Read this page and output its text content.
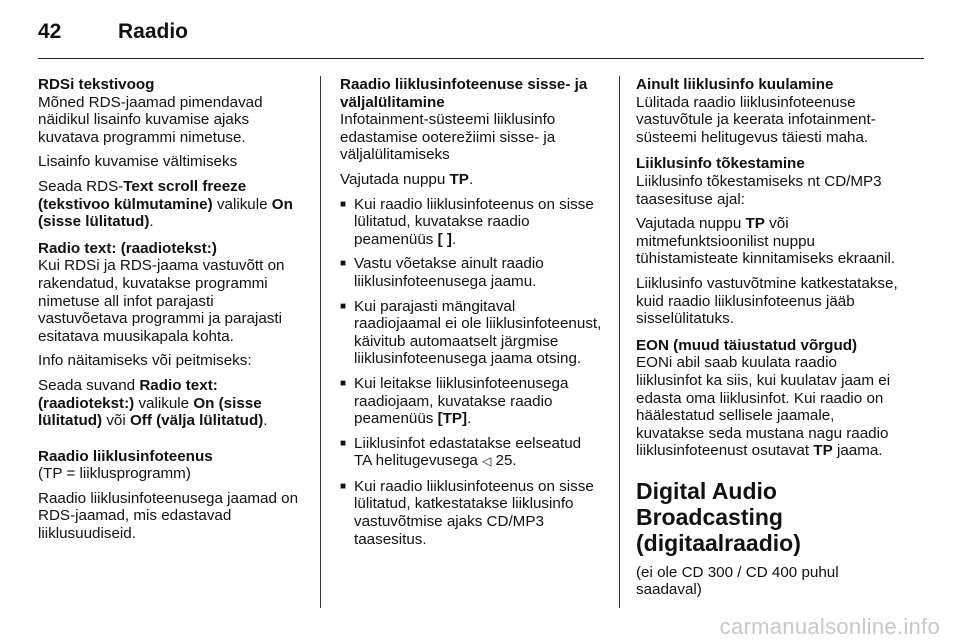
42	Raadio
RDSi tekstivoog

Mõned RDS-jaamad pimendavad näidikul lisainfo kuvamise ajaks kuvatava programmi nimetuse.

Lisainfo kuvamise vältimiseks

Seada RDS-Text scroll freeze (tekstivoo külmutamine) valikule On (sisse lülitatud).

Radio text: (raadiotekst:)

Kui RDSi ja RDS-jaama vastuvõtt on rakendatud, kuvatakse programmi nimetuse all infot parajasti vastuvõetava programmi ja parajasti esitatava muusikapala kohta.

Info näitamiseks või peitmiseks:

Seada suvand Radio text: (raadiotekst:) valikule On (sisse lülitatud) või Off (välja lülitatud).

Raadio liiklusinfoteenus

(TP = liiklusprogramm)

Raadio liiklusinfoteenusega jaamad on RDS-jaamad, mis edastavad liiklusuudiseid.

Raadio liiklusinfoteenuse sisse- ja väljalülitamine

Infotainment-süsteemi liiklusinfo edastamise ooterežiimi sisse- ja väljalülitamiseks

Vajutada nuppu TP.

■ Kui raadio liiklusinfoteenus on sisse lülitatud, kuvatakse raadio peamenüüs [ ].
■ Vastu võetakse ainult raadio liiklusinfoteenusega jaamu.
■ Kui parajasti mängitaval raadiojaamal ei ole liiklusinfoteenust, käivitub automaatselt järgmise liiklusinfoteenusega jaama otsing.
■ Kui leitakse liiklusinfoteenusega raadiojaam, kuvatakse raadio peamenüüs [TP].
■ Liiklusinfot edastatakse eelseatud TA helitugevusega ◁ 25.
■ Kui raadio liiklusinfoteenus on sisse lülitatud, katkestatakse liiklusinfo vastuvõtmise ajaks CD/MP3 taasesitus.
Ainult liiklusinfo kuulamine

Lülitada raadio liiklusinfoteenuse vastuvõtule ja keerata infotainment-süsteemi helitugevus täiesti maha.

Liiklusinfo tõkestamine

Liiklusinfo tõkestamiseks nt CD/MP3 taasesituse ajal:

Vajutada nuppu TP või mitmefunktsioonilist nuppu tühistamisteate kinnitamiseks ekraanil.

Liiklusinfo vastuvõtmine katkestatakse, kuid raadio liiklusinfoteenus jääb sisselülitatuks.

EON (muud täiustatud võrgud)

EONi abil saab kuulata raadio liiklusinfot ka siis, kui kuulatav jaam ei edasta oma liiklusinfot. Kui raadio on häälestatud sellisele jaamale, kuvatakse seda mustana nagu raadio liiklusinfoteenust osutavat TP jaama.

Digital Audio Broadcasting (digitaalraadio)
(ei ole CD 300 / CD 400 puhul saadaval)
carmanualsonline.info
